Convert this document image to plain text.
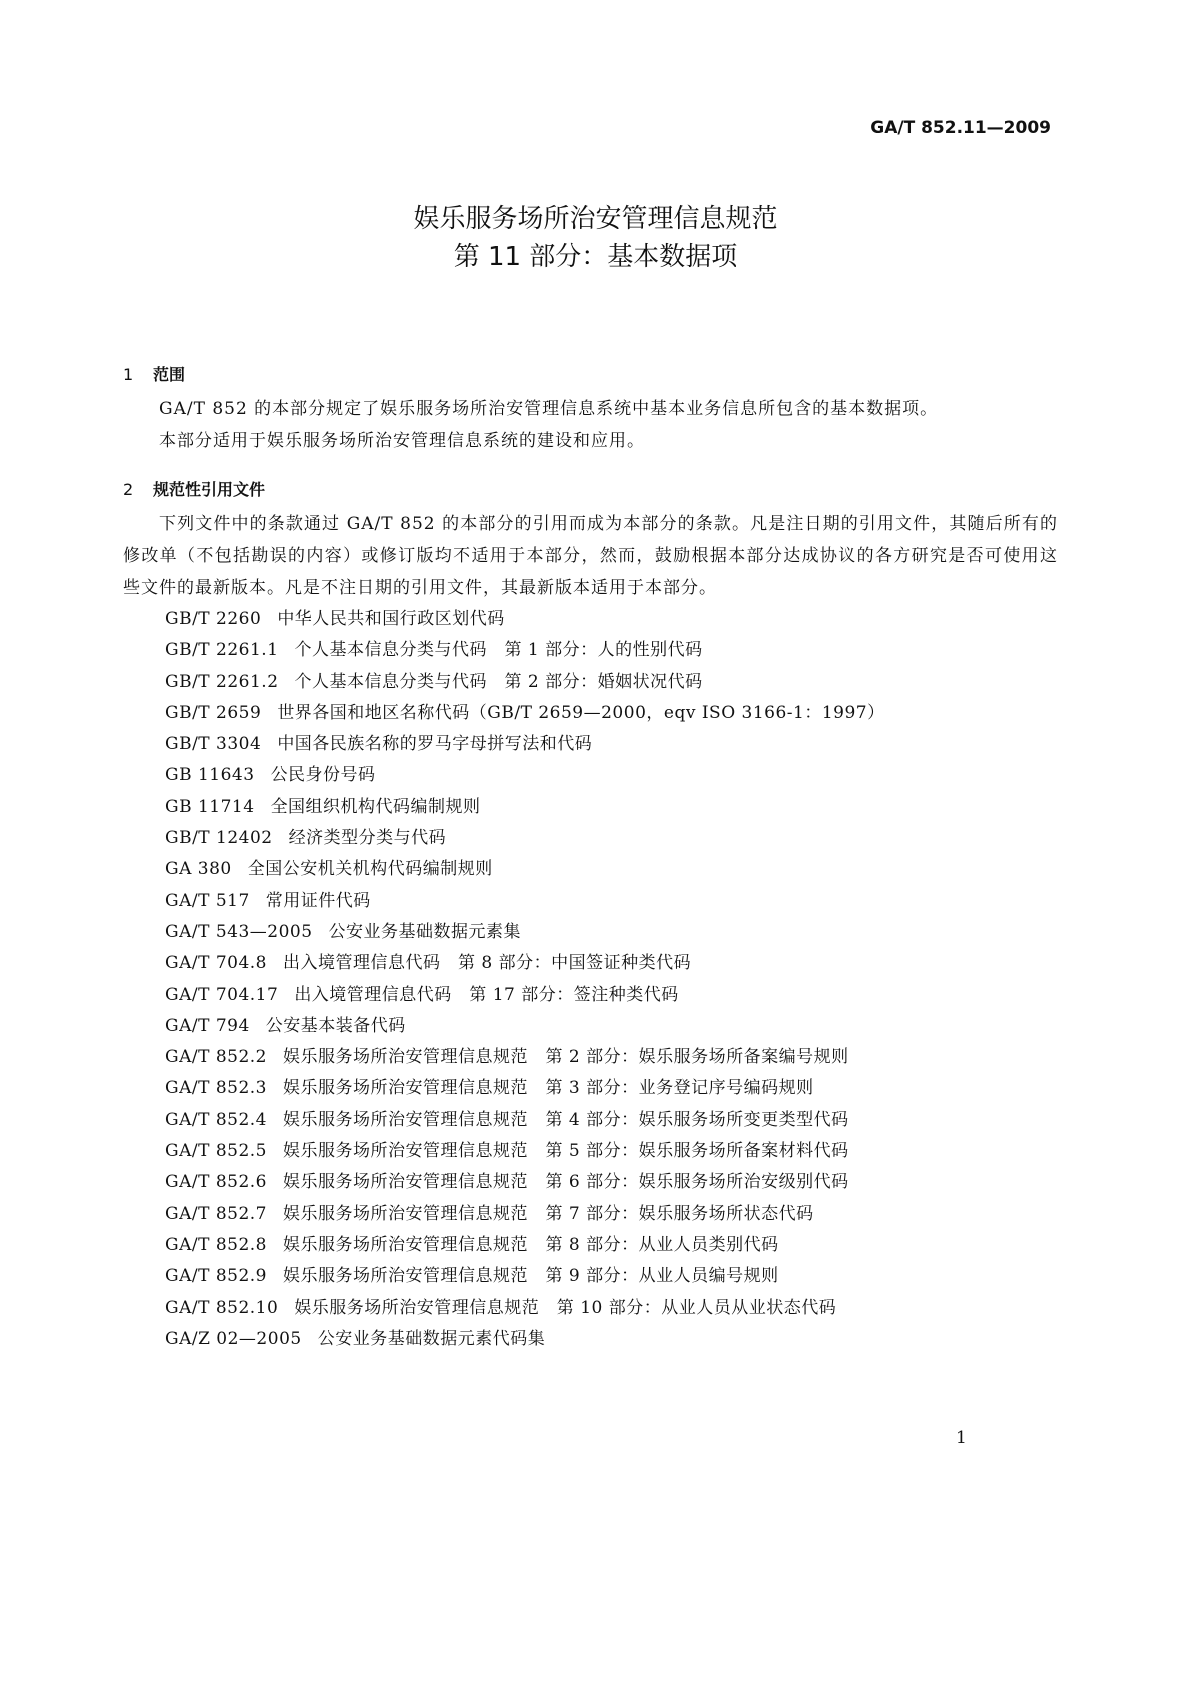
GA/T 852.11—2009

娱乐服务场所治安管理信息规范

第 11 部分：基本数据项

1 范围

GA/T 852 的本部分规定了娱乐服务场所治安管理信息系统中基本业务信息所包含的基本数据项。

本部分适用于娱乐服务场所治安管理信息系统的建设和应用。

2 规范性引用文件

下列文件中的条款通过 GA/T 852 的本部分的引用而成为本部分的条款。凡是注日期的引用文件，其随后所有的修改单（不包括勘误的内容）或修订版均不适用于本部分，然而，鼓励根据本部分达成协议的各方研究是否可使用这些文件的最新版本。凡是不注日期的引用文件，其最新版本适用于本部分。

GB/T 2260 中华人民共和国行政区划代码
GB/T 2261.1 个人基本信息分类与代码　第 1 部分：人的性别代码
GB/T 2261.2 个人基本信息分类与代码　第 2 部分：婚姻状况代码
GB/T 2659 世界各国和地区名称代码（GB/T 2659—2000，eqv ISO 3166-1：1997）
GB/T 3304 中国各民族名称的罗马字母拼写法和代码
GB 11643 公民身份号码
GB 11714 全国组织机构代码编制规则
GB/T 12402 经济类型分类与代码
GA 380 全国公安机关机构代码编制规则
GA/T 517 常用证件代码
GA/T 543—2005 公安业务基础数据元素集
GA/T 704.8 出入境管理信息代码　第 8 部分：中国签证种类代码
GA/T 704.17 出入境管理信息代码　第 17 部分：签注种类代码
GA/T 794 公安基本装备代码
GA/T 852.2 娱乐服务场所治安管理信息规范　第 2 部分：娱乐服务场所备案编号规则
GA/T 852.3 娱乐服务场所治安管理信息规范　第 3 部分：业务登记序号编码规则
GA/T 852.4 娱乐服务场所治安管理信息规范　第 4 部分：娱乐服务场所变更类型代码
GA/T 852.5 娱乐服务场所治安管理信息规范　第 5 部分：娱乐服务场所备案材料代码
GA/T 852.6 娱乐服务场所治安管理信息规范　第 6 部分：娱乐服务场所治安级别代码
GA/T 852.7 娱乐服务场所治安管理信息规范　第 7 部分：娱乐服务场所状态代码
GA/T 852.8 娱乐服务场所治安管理信息规范　第 8 部分：从业人员类别代码
GA/T 852.9 娱乐服务场所治安管理信息规范　第 9 部分：从业人员编号规则
GA/T 852.10 娱乐服务场所治安管理信息规范　第 10 部分：从业人员从业状态代码
GA/Z 02—2005 公安业务基础数据元素代码集

1
